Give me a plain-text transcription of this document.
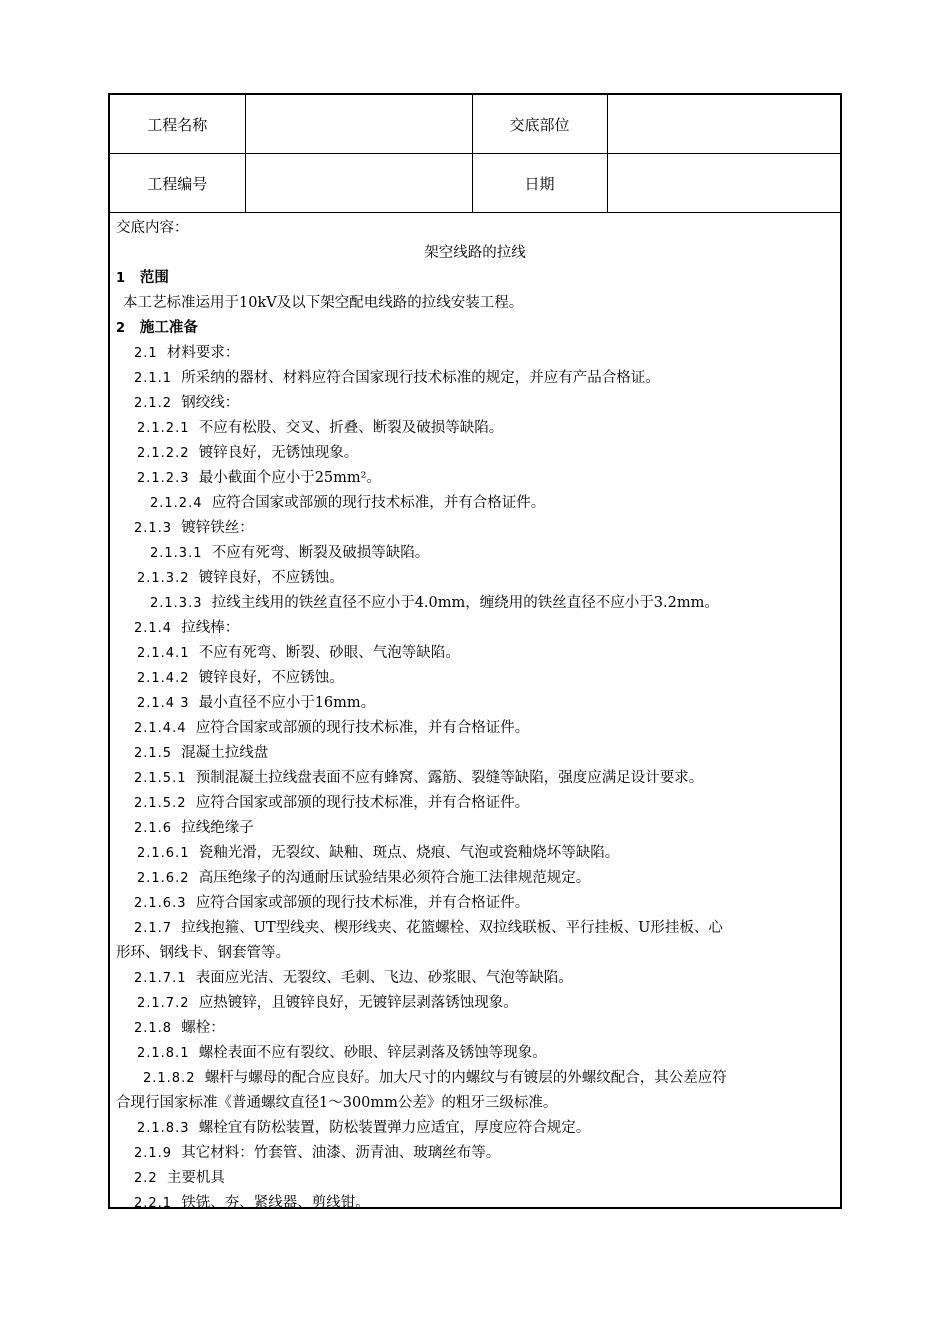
工程名称		交底部位	
工程编号		日期	
交底内容：
架空线路的拉线
1 范围
本工艺标准运用于10kV及以下架空配电线路的拉线安装工程。
2 施工准备
2.1 材料要求：
2.1.1 所采纳的器材、材料应符合国家现行技术标准的规定，并应有产品合格证。
2.1.2 钢绞线：
2.1.2.1 不应有松股、交叉、折叠、断裂及破损等缺陷。
2.1.2.2 镀锌良好，无锈蚀现象。
2.1.2.3 最小截面个应小于25mm²。
2.1.2.4 应符合国家或部颁的现行技术标准，并有合格证件。
2.1.3 镀锌铁丝：
2.1.3.1 不应有死弯、断裂及破损等缺陷。
2.1.3.2 镀锌良好，不应锈蚀。
2.1.3.3 拉线主线用的铁丝直径不应小于4.0mm，缠绕用的铁丝直径不应小于3.2mm。
2.1.4 拉线棒：
2.1.4.1 不应有死弯、断裂、砂眼、气泡等缺陷。
2.1.4.2 镀锌良好，不应锈蚀。
2.1.4 3 最小直径不应小于16mm。
2.1.4.4 应符合国家或部颁的现行技术标准，并有合格证件。
2.1.5 混凝土拉线盘
2.1.5.1 预制混凝土拉线盘表面不应有蜂窝、露筋、裂缝等缺陷，强度应满足设计要求。
2.1.5.2 应符合国家或部颁的现行技术标准，并有合格证件。
2.1.6 拉线绝缘子
2.1.6.1 瓷釉光滑，无裂纹、缺釉、斑点、烧痕、气泡或瓷釉烧坏等缺陷。
2.1.6.2 高压绝缘子的沟通耐压试验结果必须符合施工法律规范规定。
2.1.6.3 应符合国家或部颁的现行技术标准，并有合格证件。
2.1.7 拉线抱箍、UT型线夹、楔形线夹、花篮螺栓、双拉线联板、平行挂板、U形挂板、心
形环、钢线卡、钢套管等。
2.1.7.1 表面应光洁、无裂纹、毛刺、飞边、砂浆眼、气泡等缺陷。
2.1.7.2 应热镀锌，且镀锌良好，无镀锌层剥落锈蚀现象。
2.1.8 螺栓：
2.1.8.1 螺栓表面不应有裂纹、砂眼、锌层剥落及锈蚀等现象。
2.1.8.2 螺杆与螺母的配合应良好。加大尺寸的内螺纹与有镀层的外螺纹配合，其公差应符
合现行国家标准《普通螺纹直径1～300mm公差》的粗牙三级标准。
2.1.8.3 螺栓宜有防松装置，防松装置弹力应适宜，厚度应符合规定。
2.1.9 其它材料：竹套管、油漆、沥青油、玻璃丝布等。
2.2 主要机具
2.2.1 铁铣、夯、紧线器、剪线钳。
